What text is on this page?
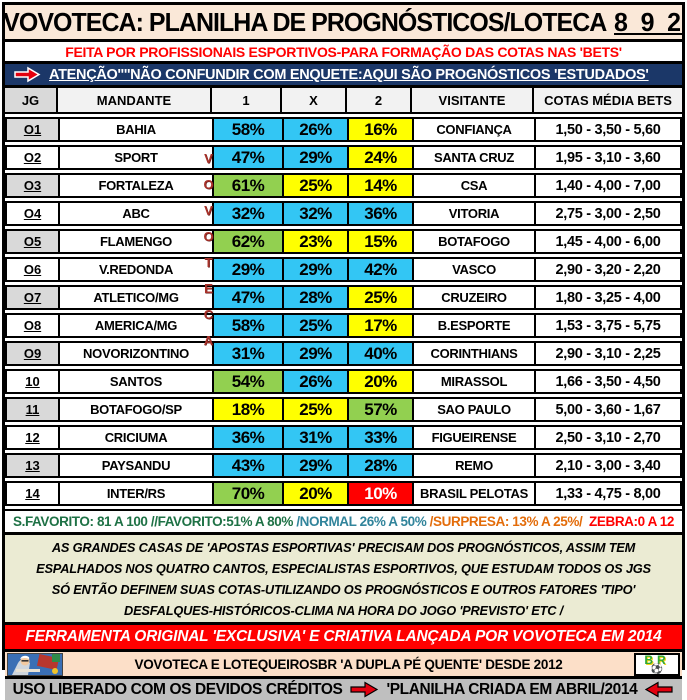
VOVOTECA: PLANILHA DE PROGNÓSTICOS/LOTECA 8 9 2
FEITA POR PROFISSIONAIS ESPORTIVOS-PARA FORMAÇÃO DAS COTAS NAS 'BETS'
ATENÇÃO''''NÃO CONFUNDIR COM ENQUETE:AQUI SÃO PROGNÓSTICOS 'ESTUDADOS'
JG	MANDANTE	1	X	2	VISITANTE	COTAS MÉDIA BETS
O1	BAHIA	58%	26%	16%	CONFIANÇA	1,50 - 3,50 - 5,60
O2	SPORT	47%	29%	24%	SANTA CRUZ	1,95 - 3,10 - 3,60
O3	FORTALEZA	61%	25%	14%	CSA	1,40 - 4,00 - 7,00
O4	ABC	32%	32%	36%	VITORIA	2,75 - 3,00 - 2,50
O5	FLAMENGO	62%	23%	15%	BOTAFOGO	1,45 - 4,00 - 6,00
O6	V.REDONDA	29%	29%	42%	VASCO	2,90 - 3,20 - 2,20
O7	ATLETICO/MG	47%	28%	25%	CRUZEIRO	1,80 - 3,25 - 4,00
O8	AMERICA/MG	58%	25%	17%	B.ESPORTE	1,53 - 3,75 - 5,75
O9	NOVORIZONTINO	31%	29%	40%	CORINTHIANS	2,90 - 3,10 - 2,25
10	SANTOS	54%	26%	20%	MIRASSOL	1,66 - 3,50 - 4,50
11	BOTAFOGO/SP	18%	25%	57%	SAO PAULO	5,00 - 3,60 - 1,67
12	CRICIUMA	36%	31%	33%	FIGUEIRENSE	2,50 - 3,10 - 2,70
13	PAYSANDU	43%	29%	28%	REMO	2,10 - 3,00 - 3,40
14	INTER/RS	70%	20%	10%	BRASIL PELOTAS	1,33 - 4,75 - 8,00
VOVOTECA
S.FAVORITO: 81 A 100 //FAVORITO:51% A 80% /NORMAL 26% A 50% /SURPRESA: 13% A 25%/ ZEBRA:0 A 12
AS GRANDES CASAS DE 'APOSTAS ESPORTIVAS' PRECISAM DOS PROGNÓSTICOS, ASSIM TEM
ESPALHADOS NOS QUATRO CANTOS, ESPECIALISTAS ESPORTIVOS, QUE ESTUDAM TODOS OS JGS
SÓ ENTÃO DEFINEM SUAS COTAS-UTILIZANDO OS PROGNÓSTICOS E OUTROS FATORES 'TIPO'
DESFALQUES-HISTÓRICOS-CLIMA NA HORA DO JOGO 'PREVISTO' ETC /
FERRAMENTA ORIGINAL 'EXCLUSIVA' E CRIATIVA LANÇADA POR VOVOTECA EM 2014
VOVOTECA E LOTEQUEIROSBR 'A DUPLA PÉ QUENTE' DESDE 2012	BR
⚽
USO LIBERADO COM OS DEVIDOS CRÉDITOS	'PLANILHA CRIADA EM ABRIL/2014
